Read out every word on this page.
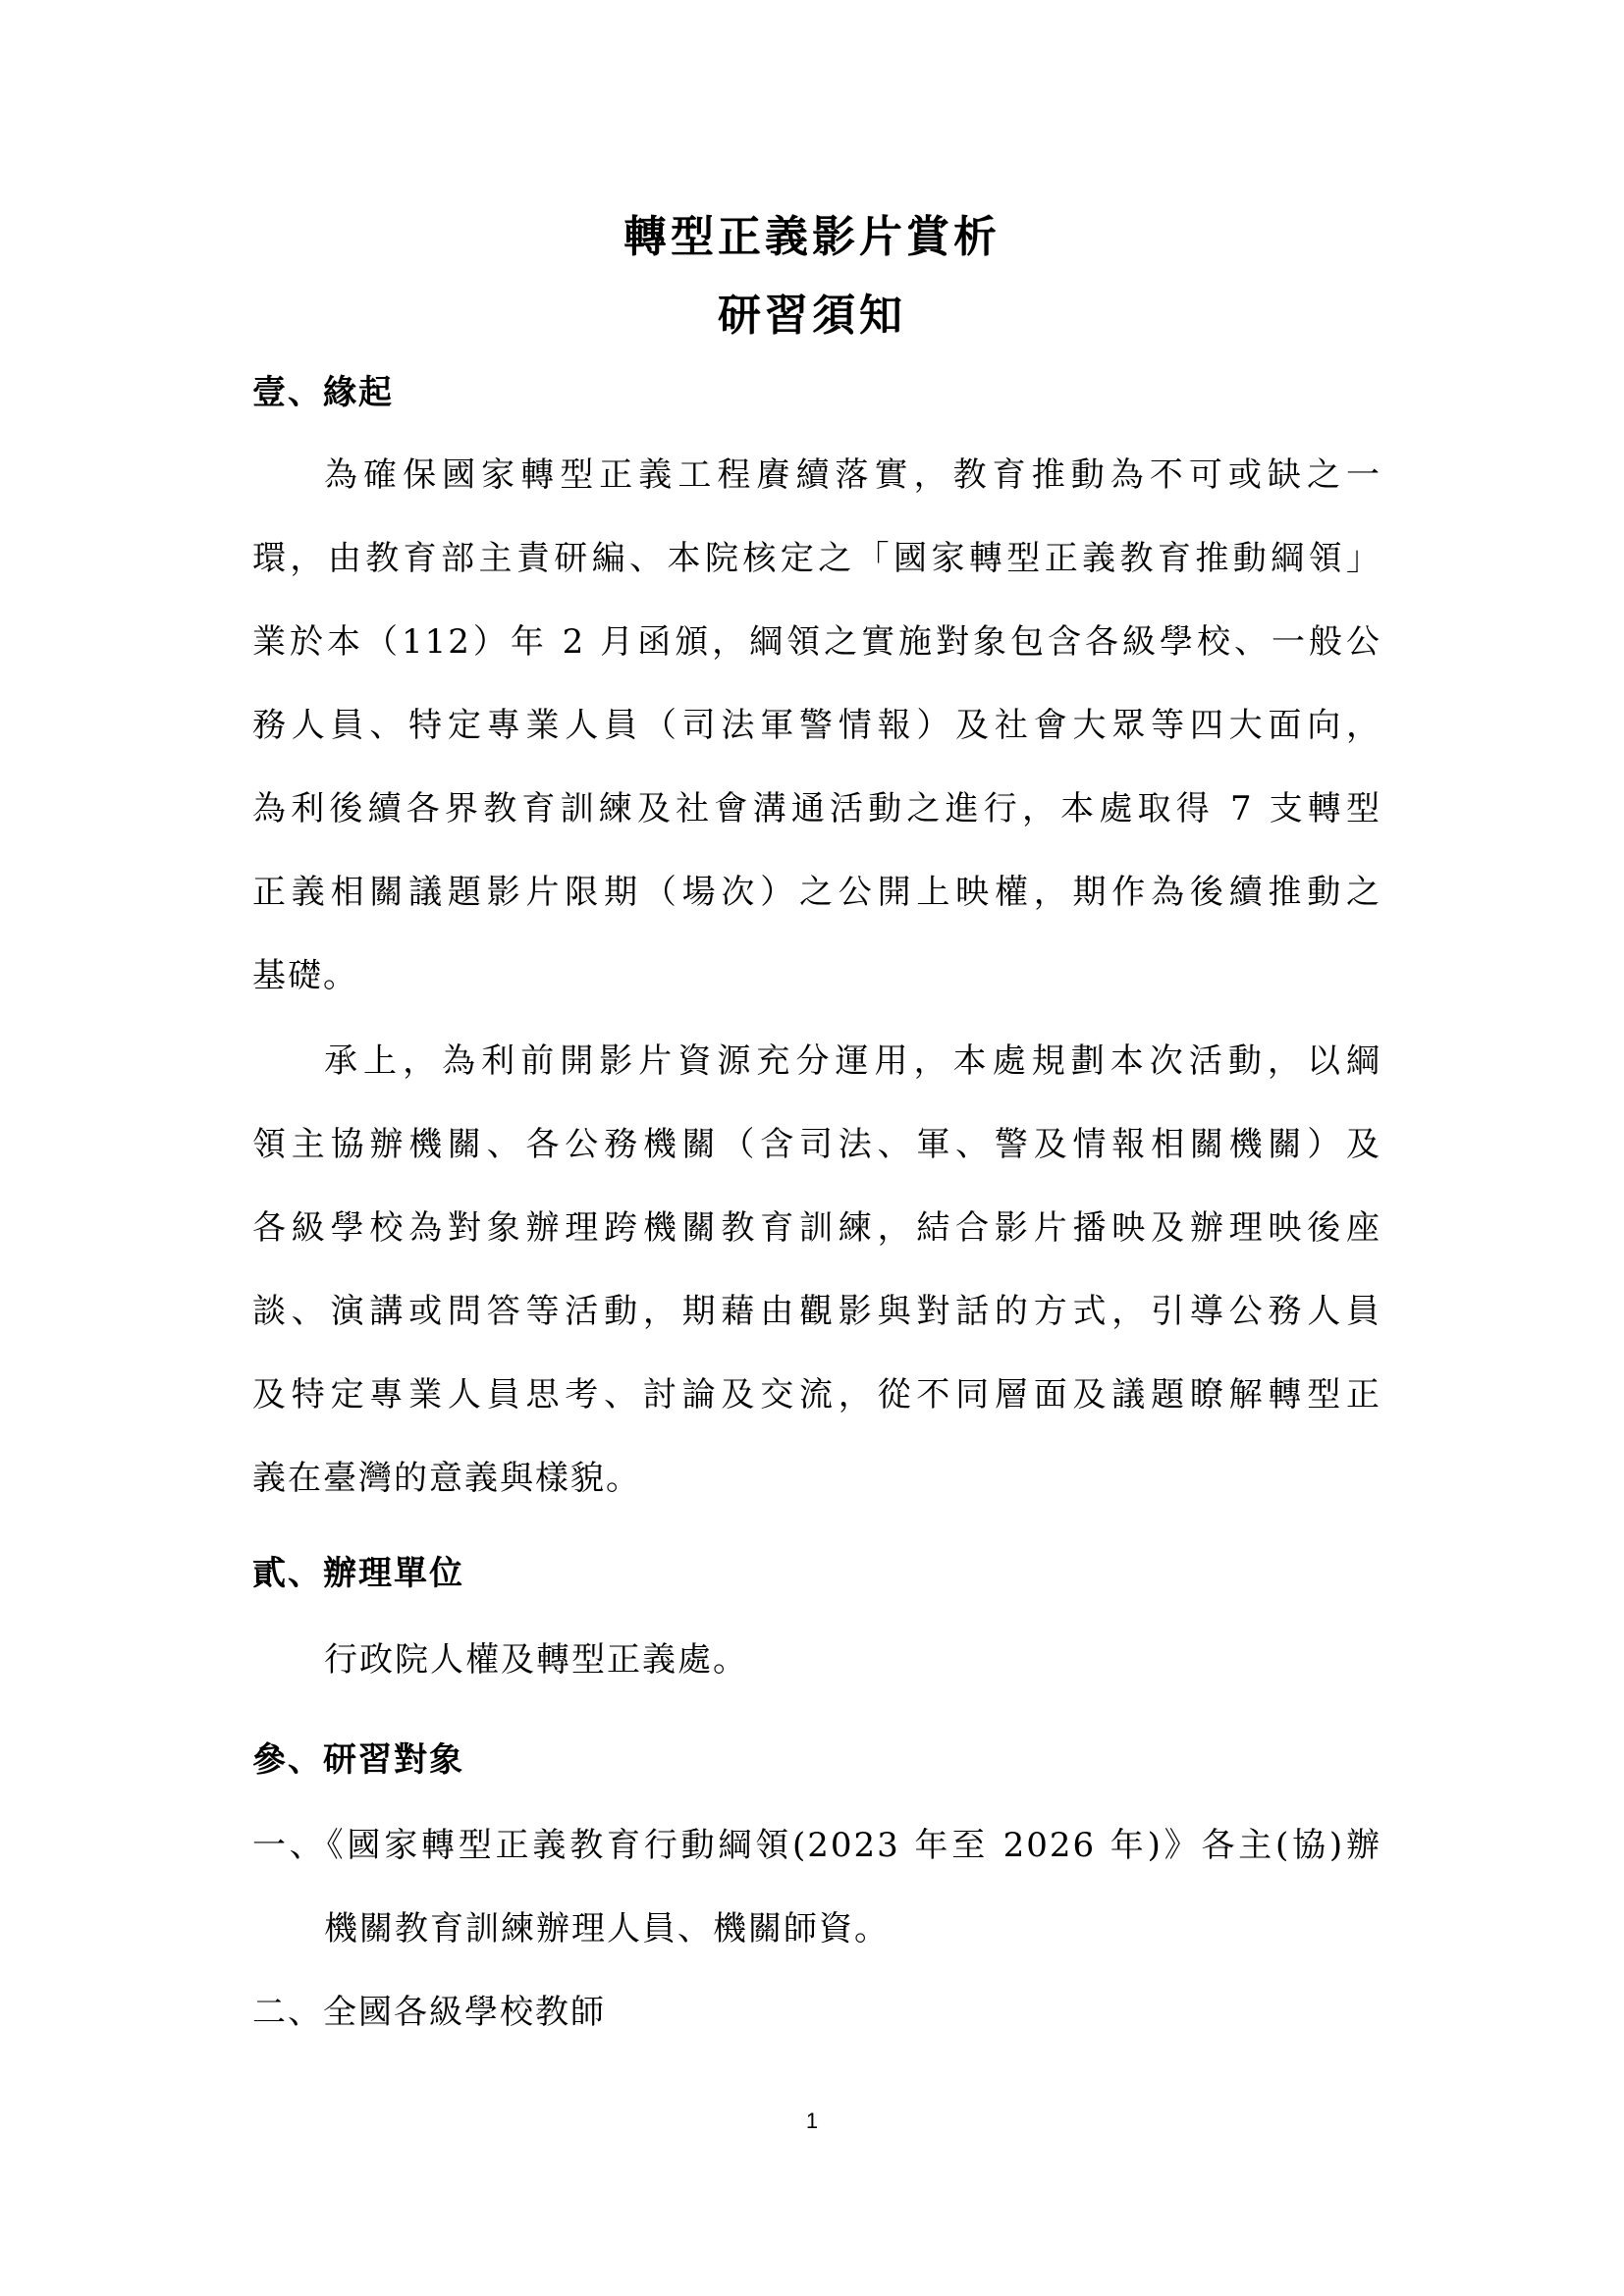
轉型正義影片賞析
研習須知
壹、緣起
為確保國家轉型正義工程賡續落實，教育推動為不可或缺之一
環，由教育部主責研編、本院核定之「國家轉型正義教育推動綱領」
業於本（112）年 2 月函頒，綱領之實施對象包含各級學校、一般公
務人員、特定專業人員（司法軍警情報）及社會大眾等四大面向，
為利後續各界教育訓練及社會溝通活動之進行，本處取得 7 支轉型
正義相關議題影片限期（場次）之公開上映權，期作為後續推動之
基礎。
承上，為利前開影片資源充分運用，本處規劃本次活動，以綱
領主協辦機關、各公務機關（含司法、軍、警及情報相關機關）及
各級學校為對象辦理跨機關教育訓練，結合影片播映及辦理映後座
談、演講或問答等活動，期藉由觀影與對話的方式，引導公務人員
及特定專業人員思考、討論及交流，從不同層面及議題瞭解轉型正
義在臺灣的意義與樣貌。
貳、辦理單位
行政院人權及轉型正義處。
參、研習對象
一、《國家轉型正義教育行動綱領(2023 年至 2026 年)》各主(協)辦
機關教育訓練辦理人員、機關師資。
二、全國各級學校教師
1
